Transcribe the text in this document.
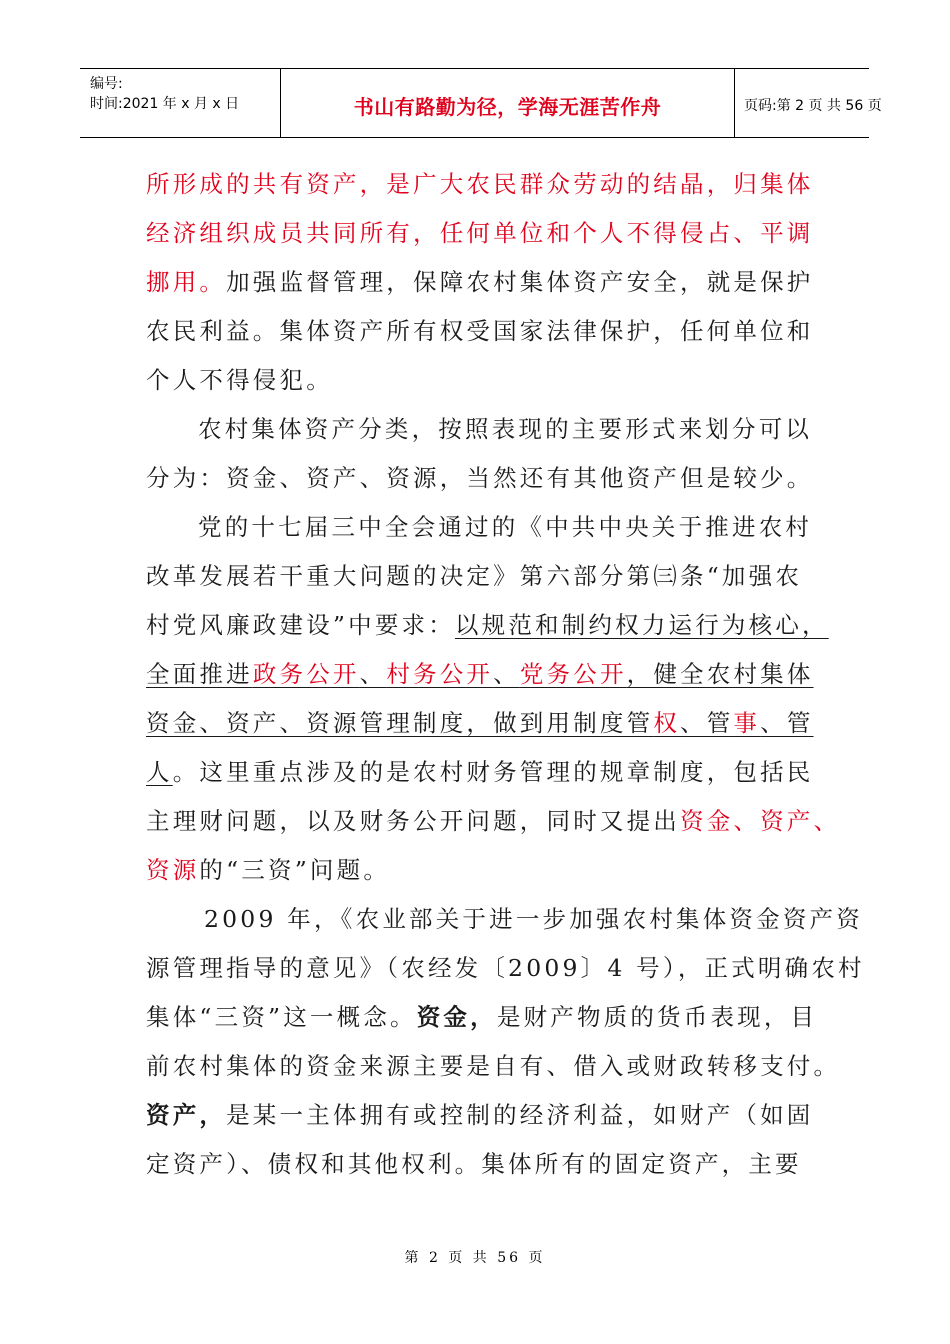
编号:
时间:2021 年 x 月 x 日	书山有路勤为径，学海无涯苦作舟	页码:第 2 页 共 56 页
所形成的共有资产，是广大农民群众劳动的结晶，归集体
经济组织成员共同所有，任何单位和个人不得侵占、平调
挪用。加强监督管理，保障农村集体资产安全，就是保护
农民利益。集体资产所有权受国家法律保护，任何单位和
个人不得侵犯。
农村集体资产分类，按照表现的主要形式来划分可以
分为：资金、资产、资源，当然还有其他资产但是较少。
党的十七届三中全会通过的《中共中央关于推进农村
改革发展若干重大问题的决定》第六部分第㈢条“加强农
村党风廉政建设”中要求：以规范和制约权力运行为核心，
全面推进政务公开、村务公开、党务公开，健全农村集体
资金、资产、资源管理制度，做到用制度管权、管事、管
人。这里重点涉及的是农村财务管理的规章制度，包括民
主理财问题，以及财务公开问题，同时又提出资金、资产、
资源的“三资”问题。
2009 年，《农业部关于进一步加强农村集体资金资产资
源管理指导的意见》（农经发〔2009〕4 号），正式明确农村
集体“三资”这一概念。资金，是财产物质的货币表现，目
前农村集体的资金来源主要是自有、借入或财政转移支付。
资产，是某一主体拥有或控制的经济利益，如财产（如固
定资产）、债权和其他权利。集体所有的固定资产，主要
第 2 页 共 56 页
